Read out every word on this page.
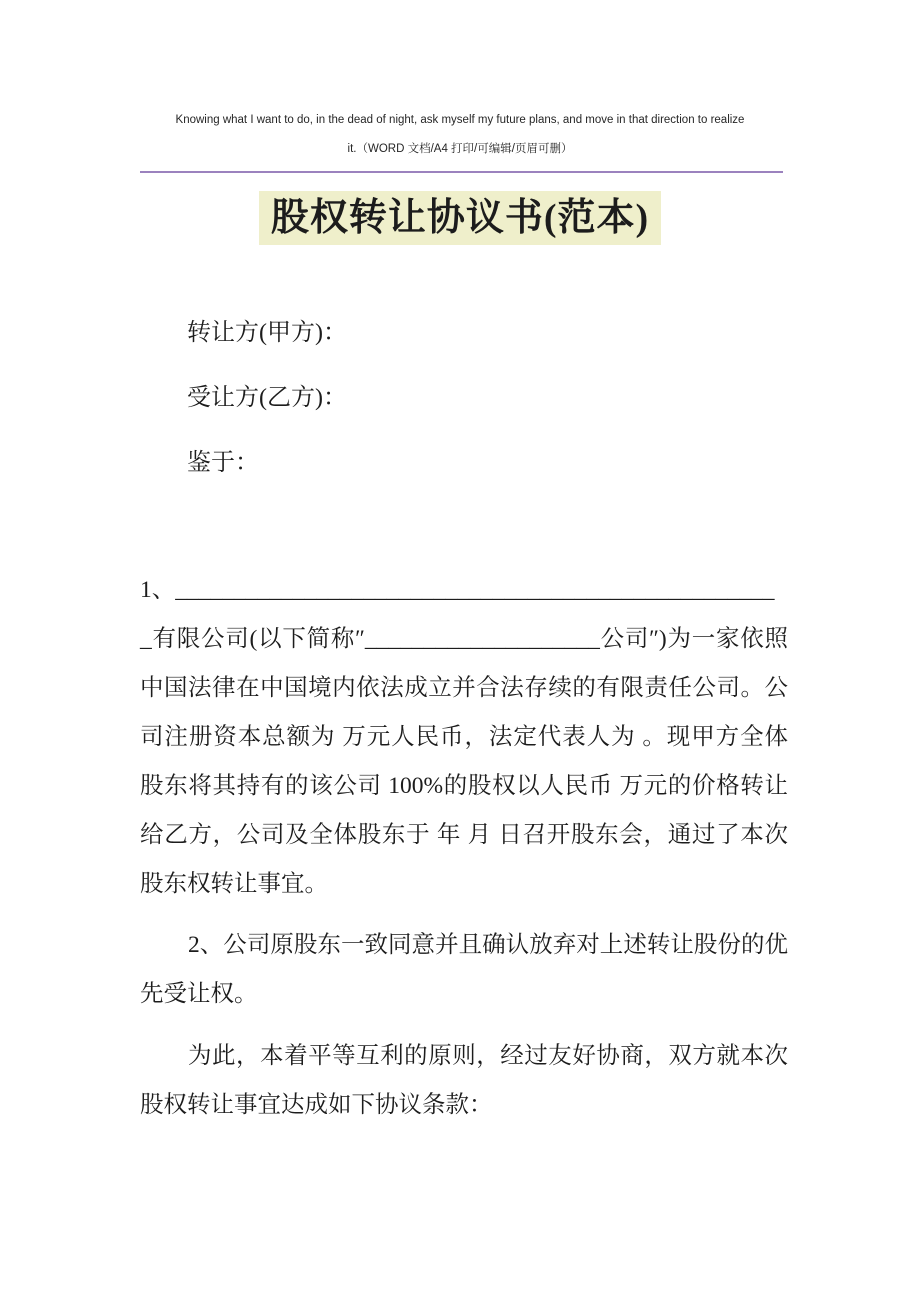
Knowing what I want to do, in the dead of night, ask myself my future plans, and move in that direction to realize
it.（WORD 文档/A4 打印/可编辑/页眉可删）
股权转让协议书(范本)
转让方(甲方)：
受让方(乙方)：
鉴于：
1、___________________________________________________
_有限公司(以下简称″____________________公司″)为一家依照
中国法律在中国境内依法成立并合法存续的有限责任公司。公
司注册资本总额为 万元人民币，法定代表人为 。现甲方全体
股东将其持有的该公司 100%的股权以人民币 万元的价格转让
给乙方，公司及全体股东于 年 月 日召开股东会，通过了本次
股东权转让事宜。
2、公司原股东一致同意并且确认放弃对上述转让股份的优
先受让权。
为此，本着平等互利的原则，经过友好协商，双方就本次
股权转让事宜达成如下协议条款：
